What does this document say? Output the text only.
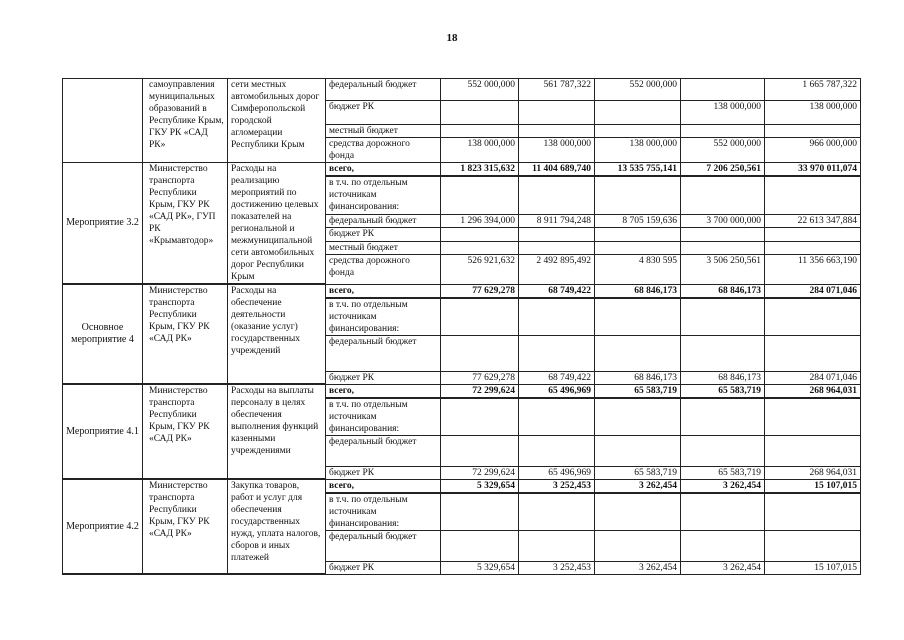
18
	самоуправления муниципальных образований в Республике Крым, ГКУ РК «САД РК»	сети местных автомобильных дорог Симферопольской городской агломерации Республики Крым	федеральный бюджет	552 000,000	561 787,322	552 000,000		1 665 787,322
			бюджет РК				138 000,000	138 000,000
			местный бюджет					
			средства дорожного фонда	138 000,000	138 000,000	138 000,000	552 000,000	966 000,000
Мероприятие 3.2	Министерство транспорта Республики Крым, ГКУ РК «САД РК», ГУП РК «Крымавтодор»	Расходы на реализацию мероприятий по достижению целевых показателей на региональной и межмуниципальной сети автомобильных дорог Республики Крым	всего,	1 823 315,632	11 404 689,740	13 535 755,141	7 206 250,561	33 970 011,074
			в т.ч. по отдельным источникам финансирования:					
			федеральный бюджет	1 296 394,000	8 911 794,248	8 705 159,636	3 700 000,000	22 613 347,884
			бюджет РК					
			местный бюджет					
			средства дорожного фонда	526 921,632	2 492 895,492	4 830 595	3 506 250,561	11 356 663,190
Основное мероприятие 4	Министерство транспорта Республики Крым, ГКУ РК «САД РК»	Расходы на обеспечение деятельности (оказание услуг) государственных учреждений	всего,	77 629,278	68 749,422	68 846,173	68 846,173	284 071,046
			в т.ч. по отдельным источникам финансирования:					
			федеральный бюджет					
			бюджет РК	77 629,278	68 749,422	68 846,173	68 846,173	284 071,046
Мероприятие 4.1	Министерство транспорта Республики Крым, ГКУ РК «САД РК»	Расходы на выплаты персоналу в целях обеспечения выполнения функций казенными учреждениями	всего,	72 299,624	65 496,969	65 583,719	65 583,719	268 964,031
			в т.ч. по отдельным источникам финансирования:					
			федеральный бюджет					
			бюджет РК	72 299,624	65 496,969	65 583,719	65 583,719	268 964,031
Мероприятие 4.2	Министерство транспорта Республики Крым, ГКУ РК «САД РК»	Закупка товаров, работ и услуг для обеспечения государственных нужд, уплата налогов, сборов и иных платежей	всего,	5 329,654	3 252,453	3 262,454	3 262,454	15 107,015
			в т.ч. по отдельным источникам финансирования:					
			федеральный бюджет					
			бюджет РК	5 329,654	3 252,453	3 262,454	3 262,454	15 107,015
